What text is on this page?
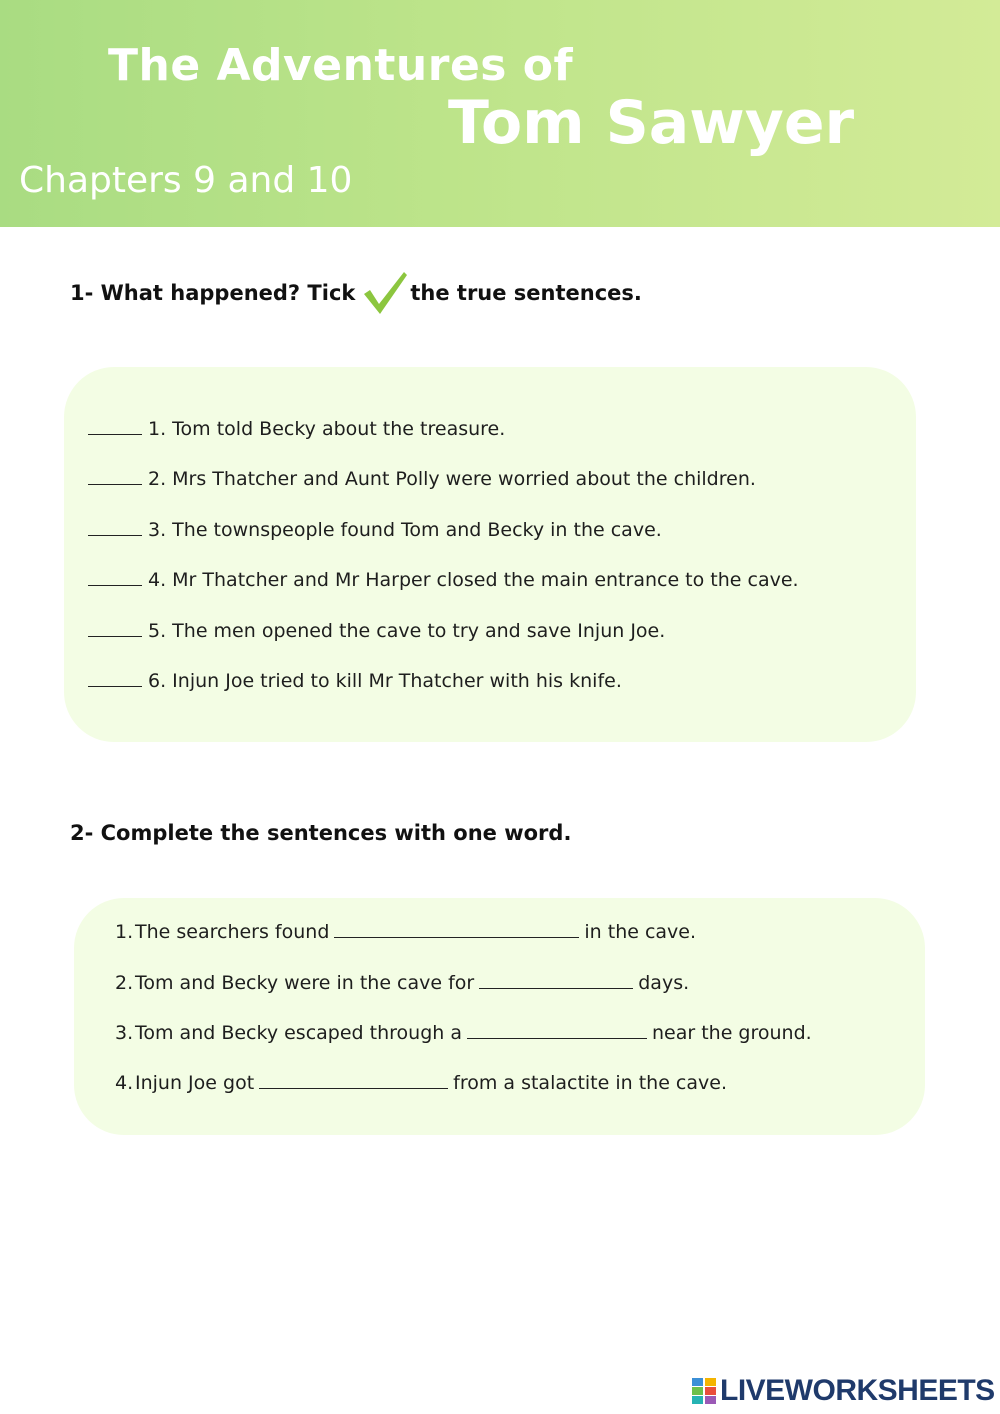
The Adventures of
Tom Sawyer
Chapters 9 and 10
1- What happened? Tick	the true sentences.
1. Tom told Becky about the treasure.
2. Mrs Thatcher and Aunt Polly were worried about the children.
3. The townspeople found Tom and Becky in the cave.
4. Mr Thatcher and Mr Harper closed the main entrance to the cave.
5. The men opened the cave to try and save Injun Joe.
6. Injun Joe tried to kill Mr Thatcher with his knife.
2- Complete the sentences with one word.
1. The searchers found	in the cave.
2. Tom and Becky were in the cave for	days.
3. Tom and Becky escaped through a	near the ground.
4. Injun Joe got	from a stalactite in the cave.
LIVEWORKSHEETS
